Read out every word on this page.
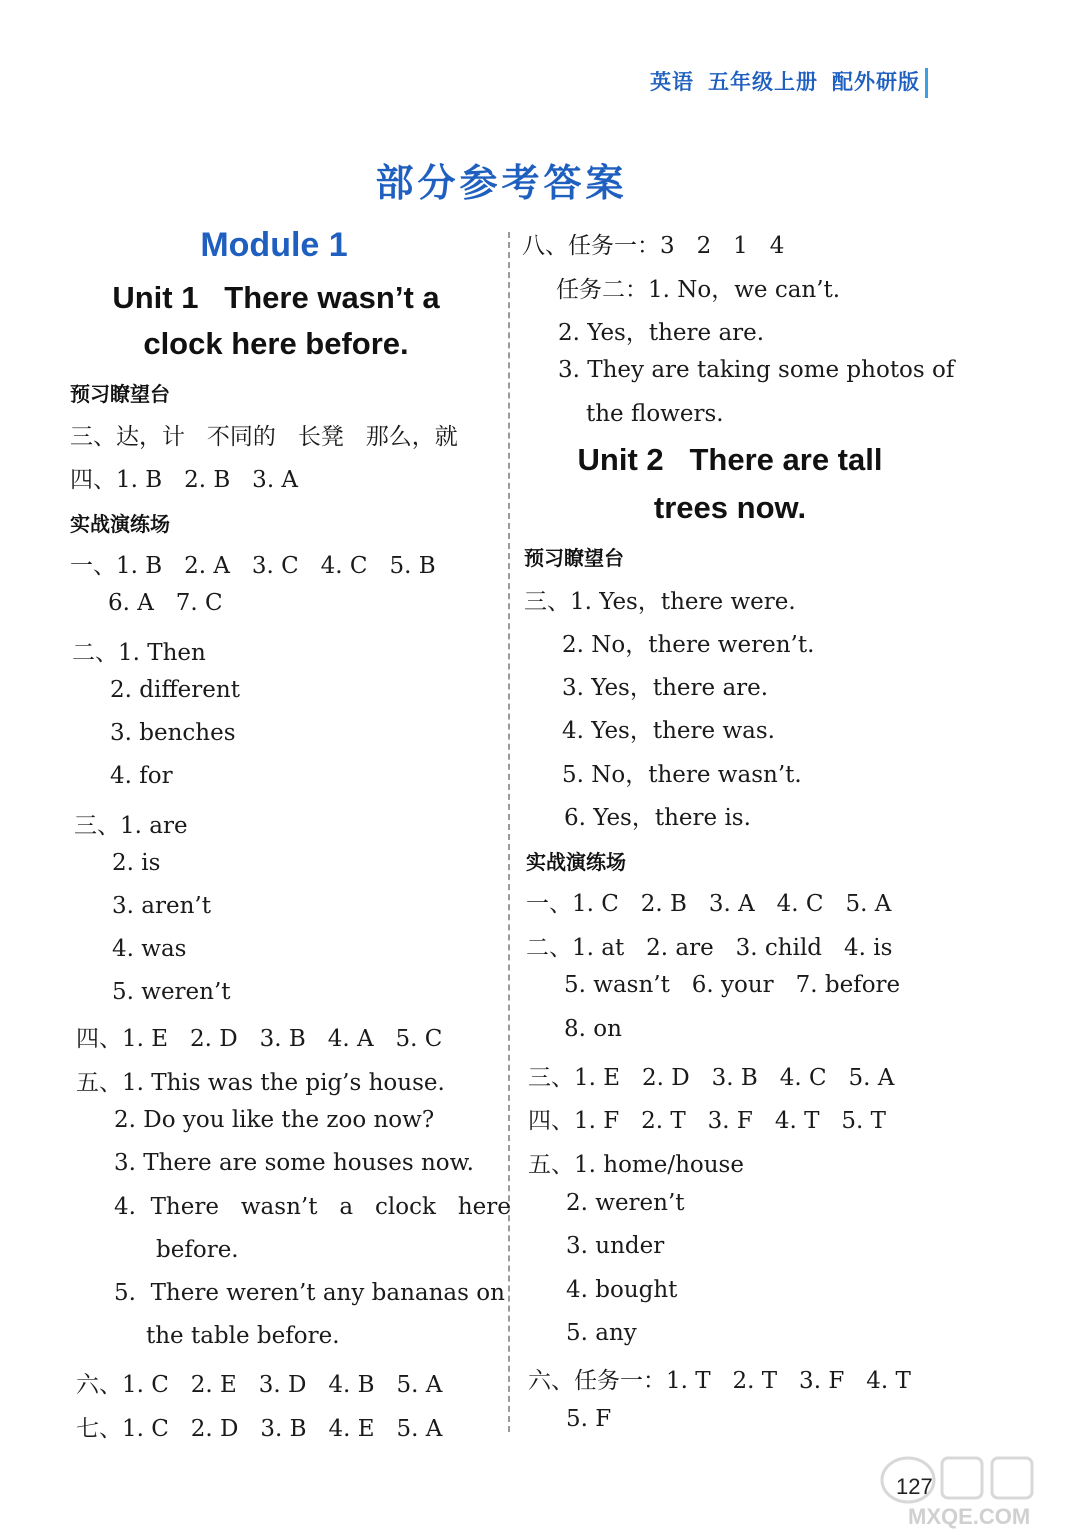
英语 五年级上册 配外研版
部分参考答案
Module 1
Unit 1   There wasn’t a
clock here before.
预习瞭望台
三、达，计   不同的   长凳   那么，就
四、1. B   2. B   3. A
实战演练场
一、1. B   2. A   3. C   4. C   5. B
6. A   7. C
二、1. Then
2. different
3. benches
4. for
三、1. are
2. is
3. aren’t
4. was
5. weren’t
四、1. E   2. D   3. B   4. A   5. C
五、1. This was the pig’s house.
2. Do you like the zoo now?
3. There are some houses now.
4.  There   wasn’t   a   clock   here
before.
5.  There weren’t any bananas on
the table before.
六、1. C   2. E   3. D   4. B   5. A
七、1. C   2. D   3. B   4. E   5. A
八、任务一：3   2   1   4
任务二：1. No，we can’t.
2. Yes，there are.
3. They are taking some photos of
the flowers.
Unit 2   There are tall
trees now.
预习瞭望台
三、1. Yes，there were.
2. No，there weren’t.
3. Yes，there are.
4. Yes，there was.
5. No，there wasn’t.
6. Yes，there is.
实战演练场
一、1. C   2. B   3. A   4. C   5. A
二、1. at   2. are   3. child   4. is
5. wasn’t   6. your   7. before
8. on
三、1. E   2. D   3. B   4. C   5. A
四、1. F   2. T   3. F   4. T   5. T
五、1. home/house
2. weren’t
3. under
4. bought
5. any
六、任务一：1. T   2. T   3. F   4. T
5. F
MXQE.COM
127
